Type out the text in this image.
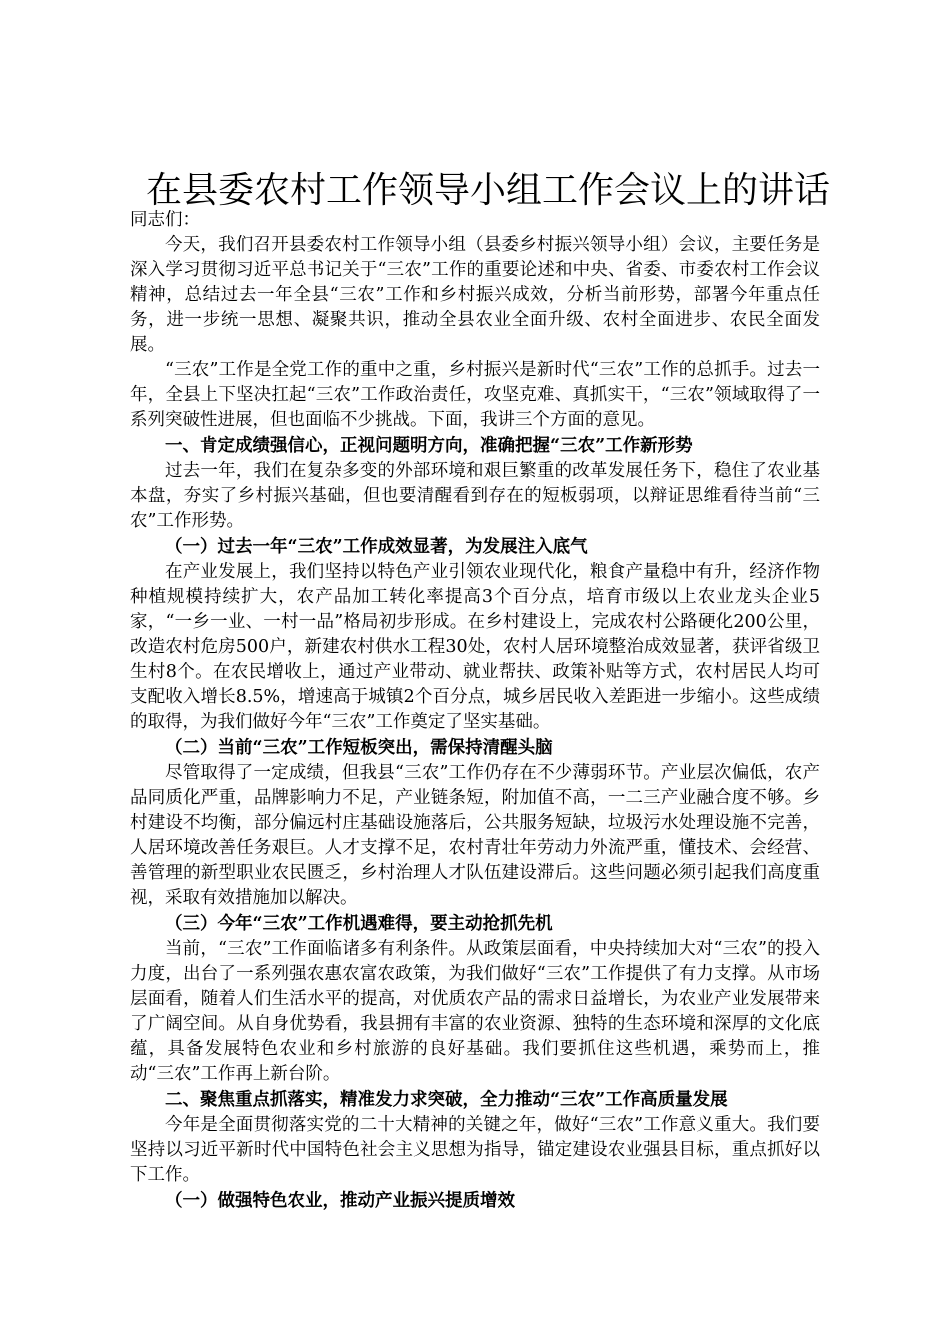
在县委农村工作领导小组工作会议上的讲话

同志们：

今天，我们召开县委农村工作领导小组（县委乡村振兴领导小组）会议，主要任务是深入学习贯彻习近平总书记关于“三农”工作的重要论述和中央、省委、市委农村工作会议精神，总结过去一年全县“三农”工作和乡村振兴成效，分析当前形势，部署今年重点任务，进一步统一思想、凝聚共识，推动全县农业全面升级、农村全面进步、农民全面发展。

“三农”工作是全党工作的重中之重，乡村振兴是新时代“三农”工作的总抓手。过去一年，全县上下坚决扛起“三农”工作政治责任，攻坚克难、真抓实干，“三农”领域取得了一系列突破性进展，但也面临不少挑战。下面，我讲三个方面的意见。

一、肯定成绩强信心，正视问题明方向，准确把握“三农”工作新形势

过去一年，我们在复杂多变的外部环境和艰巨繁重的改革发展任务下，稳住了农业基本盘，夯实了乡村振兴基础，但也要清醒看到存在的短板弱项，以辩证思维看待当前“三农”工作形势。

（一）过去一年“三农”工作成效显著，为发展注入底气

在产业发展上，我们坚持以特色产业引领农业现代化，粮食产量稳中有升，经济作物种植规模持续扩大，农产品加工转化率提高3个百分点，培育市级以上农业龙头企业5家，“一乡一业、一村一品”格局初步形成。在乡村建设上，完成农村公路硬化200公里，改造农村危房500户，新建农村供水工程30处，农村人居环境整治成效显著，获评省级卫生村8个。在农民增收上，通过产业带动、就业帮扶、政策补贴等方式，农村居民人均可支配收入增长8.5%，增速高于城镇2个百分点，城乡居民收入差距进一步缩小。这些成绩的取得，为我们做好今年“三农”工作奠定了坚实基础。

（二）当前“三农”工作短板突出，需保持清醒头脑

尽管取得了一定成绩，但我县“三农”工作仍存在不少薄弱环节。产业层次偏低，农产品同质化严重，品牌影响力不足，产业链条短，附加值不高，一二三产业融合度不够。乡村建设不均衡，部分偏远村庄基础设施落后，公共服务短缺，垃圾污水处理设施不完善，人居环境改善任务艰巨。人才支撑不足，农村青壮年劳动力外流严重，懂技术、会经营、善管理的新型职业农民匮乏，乡村治理人才队伍建设滞后。这些问题必须引起我们高度重视，采取有效措施加以解决。

（三）今年“三农”工作机遇难得，要主动抢抓先机

当前，“三农”工作面临诸多有利条件。从政策层面看，中央持续加大对“三农”的投入力度，出台了一系列强农惠农富农政策，为我们做好“三农”工作提供了有力支撑。从市场层面看，随着人们生活水平的提高，对优质农产品的需求日益增长，为农业产业发展带来了广阔空间。从自身优势看，我县拥有丰富的农业资源、独特的生态环境和深厚的文化底蕴，具备发展特色农业和乡村旅游的良好基础。我们要抓住这些机遇，乘势而上，推动“三农”工作再上新台阶。

二、聚焦重点抓落实，精准发力求突破，全力推动“三农”工作高质量发展

今年是全面贯彻落实党的二十大精神的关键之年，做好“三农”工作意义重大。我们要坚持以习近平新时代中国特色社会主义思想为指导，锚定建设农业强县目标，重点抓好以下工作。

（一）做强特色农业，推动产业振兴提质增效
